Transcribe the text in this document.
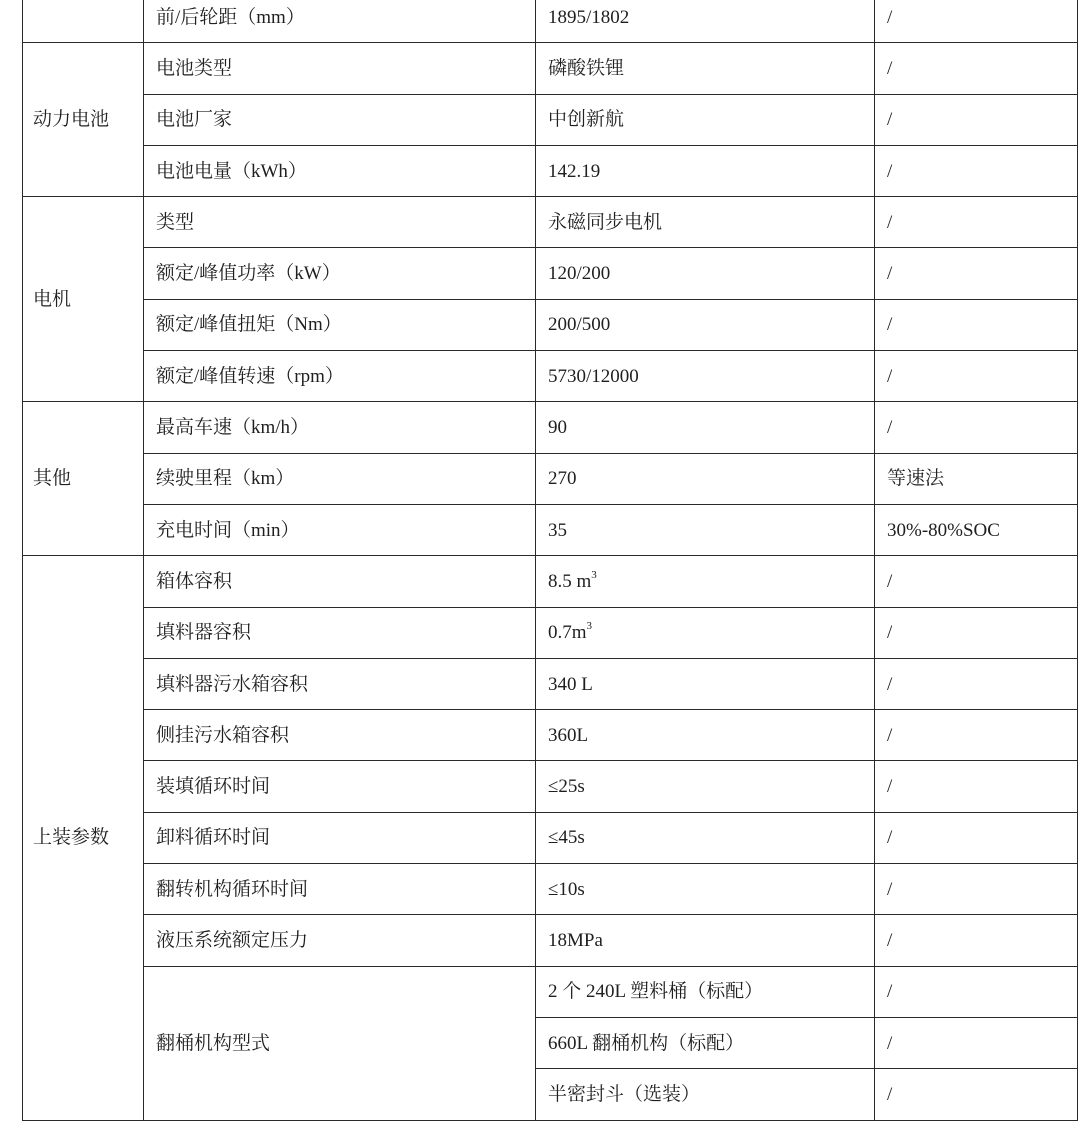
	前/后轮距（mm）	1895/1802	/
动力电池	电池类型	磷酸铁锂	/
	电池厂家	中创新航	/
	电池电量（kWh）	142.19	/
电机	类型	永磁同步电机	/
	额定/峰值功率（kW）	120/200	/
	额定/峰值扭矩（Nm）	200/500	/
	额定/峰值转速（rpm）	5730/12000	/
其他	最高车速（km/h）	90	/
	续驶里程（km）	270	等速法
	充电时间（min）	35	30%-80%SOC
上装参数	箱体容积	8.5 $m^3$	/
	填料器容积	$0.7m^3$	/
	填料器污水箱容积	340 L	/
	侧挂污水箱容积	360L	/
	装填循环时间	≤25s	/
	卸料循环时间	≤45s	/
	翻转机构循环时间	≤10s	/
	液压系统额定压力	18MPa	/
	翻桶机构型式	2 个 240L 塑料桶（标配）	/
		660L 翻桶机构（标配）	/
		半密封斗（选装）	/
